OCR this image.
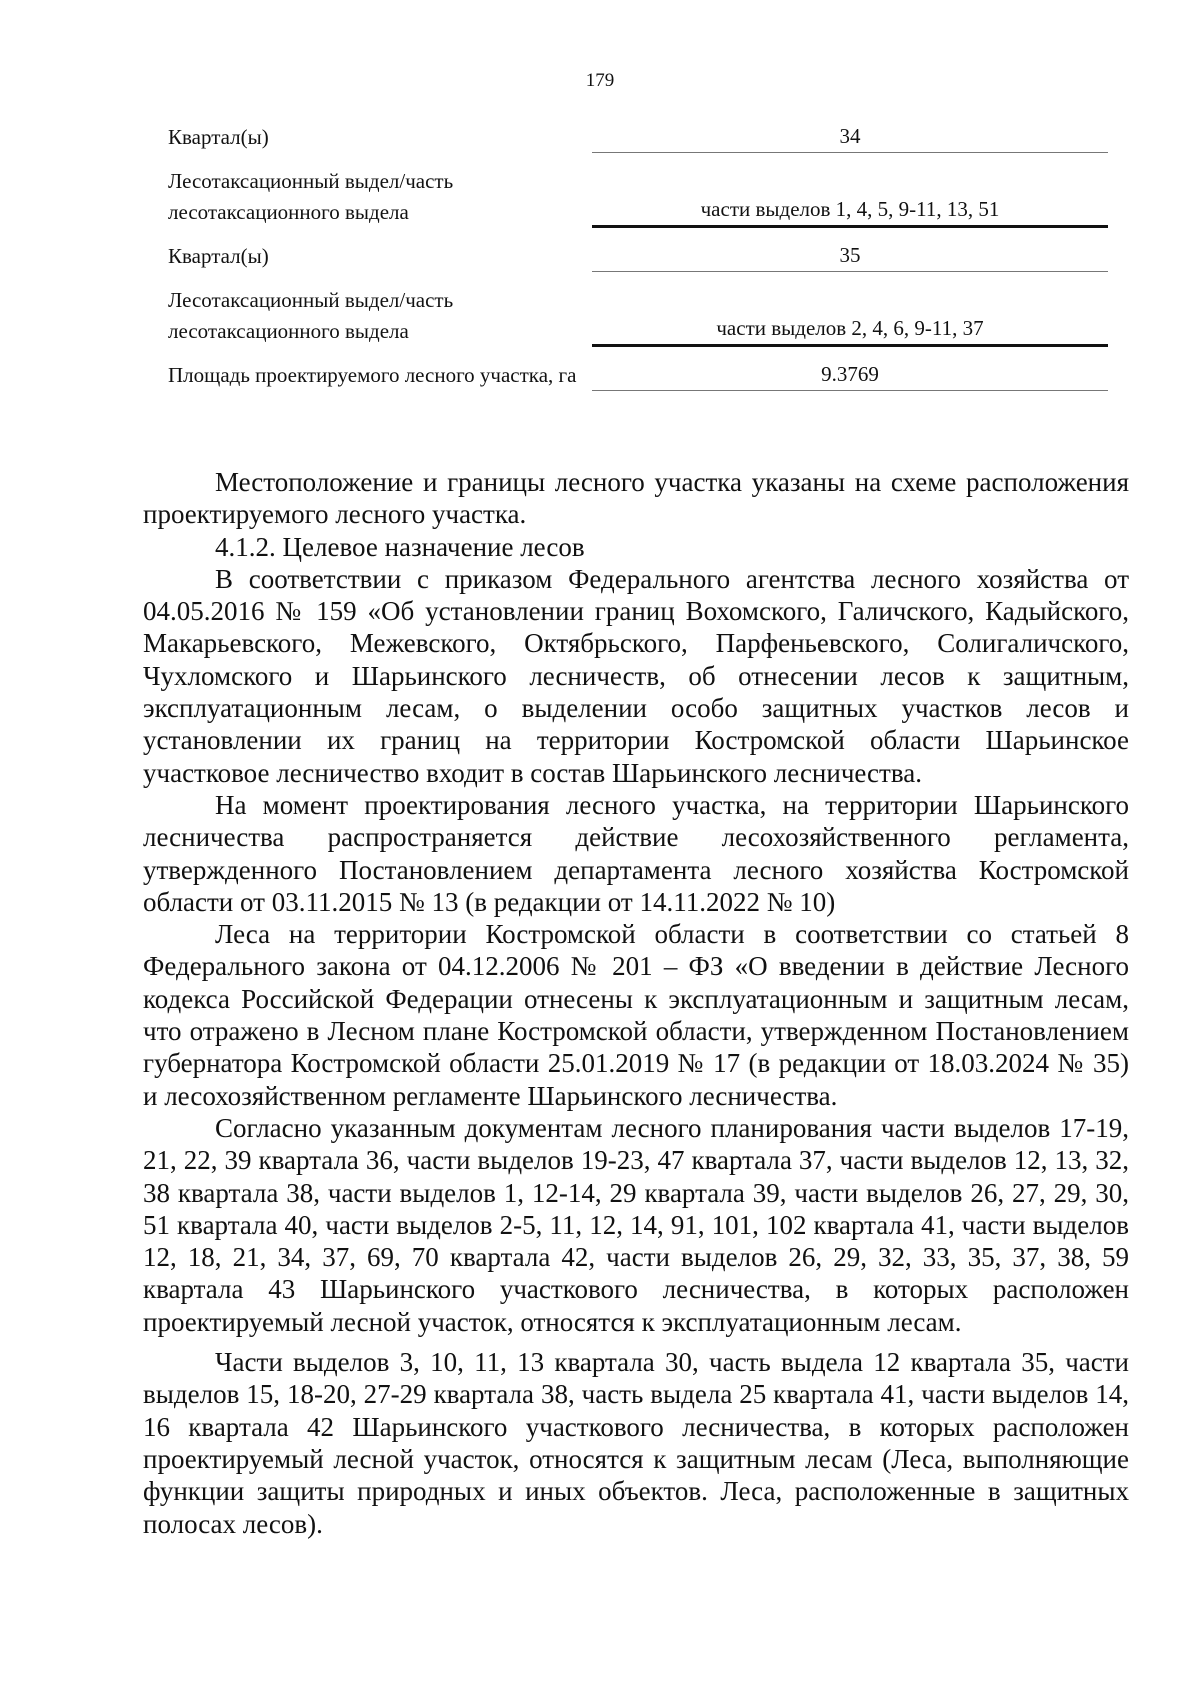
179
Квартал(ы)	34
Лесотаксационный выдел/часть лесотаксационного выдела	части выделов 1, 4, 5, 9-11, 13, 51
Квартал(ы)	35
Лесотаксационный выдел/часть лесотаксационного выдела	части выделов 2, 4, 6, 9-11, 37
Площадь проектируемого лесного участка, га	9.3769

Местоположение и границы лесного участка указаны на схеме расположения проектируемого лесного участка.

4.1.2. Целевое назначение лесов

В соответствии с приказом Федерального агентства лесного хозяйства от 04.05.2016 № 159 «Об установлении границ Вохомского, Галичского, Кадыйского, Макарьевского, Межевского, Октябрьского, Парфеньевского, Солигаличского, Чухломского и Шарьинского лесничеств, об отнесении лесов к защитным, эксплуатационным лесам, о выделении особо защитных участков лесов и установлении их границ на территории Костромской области Шарьинское участковое лесничество входит в состав Шарьинского лесничества.

На момент проектирования лесного участка, на территории Шарьинского лесничества распространяется действие лесохозяйственного регламента, утвержденного Постановлением департамента лесного хозяйства Костромской области от 03.11.2015 № 13 (в редакции от 14.11.2022 № 10)

Леса на территории Костромской области в соответствии со статьей 8 Федерального закона от 04.12.2006 № 201 – ФЗ «О введении в действие Лесного кодекса Российской Федерации отнесены к эксплуатационным и защитным лесам, что отражено в Лесном плане Костромской области, утвержденном Постановлением губернатора Костромской области 25.01.2019 № 17 (в редакции от 18.03.2024 № 35) и лесохозяйственном регламенте Шарьинского лесничества.

Согласно указанным документам лесного планирования части выделов 17-19, 21, 22, 39 квартала 36, части выделов 19-23, 47 квартала 37, части выделов 12, 13, 32, 38 квартала 38, части выделов 1, 12-14, 29 квартала 39, части выделов 26, 27, 29, 30, 51 квартала 40, части выделов 2-5, 11, 12, 14, 91, 101, 102 квартала 41, части выделов 12, 18, 21, 34, 37, 69, 70 квартала 42, части выделов 26, 29, 32, 33, 35, 37, 38, 59 квартала 43 Шарьинского участкового лесничества, в которых расположен проектируемый лесной участок, относятся к эксплуатационным лесам.

Части выделов 3, 10, 11, 13 квартала 30, часть выдела 12 квартала 35, части выделов 15, 18-20, 27-29 квартала 38, часть выдела 25 квартала 41, части выделов 14, 16 квартала 42 Шарьинского участкового лесничества, в которых расположен проектируемый лесной участок, относятся к защитным лесам (Леса, выполняющие функции защиты природных и иных объектов. Леса, расположенные в защитных полосах лесов).
